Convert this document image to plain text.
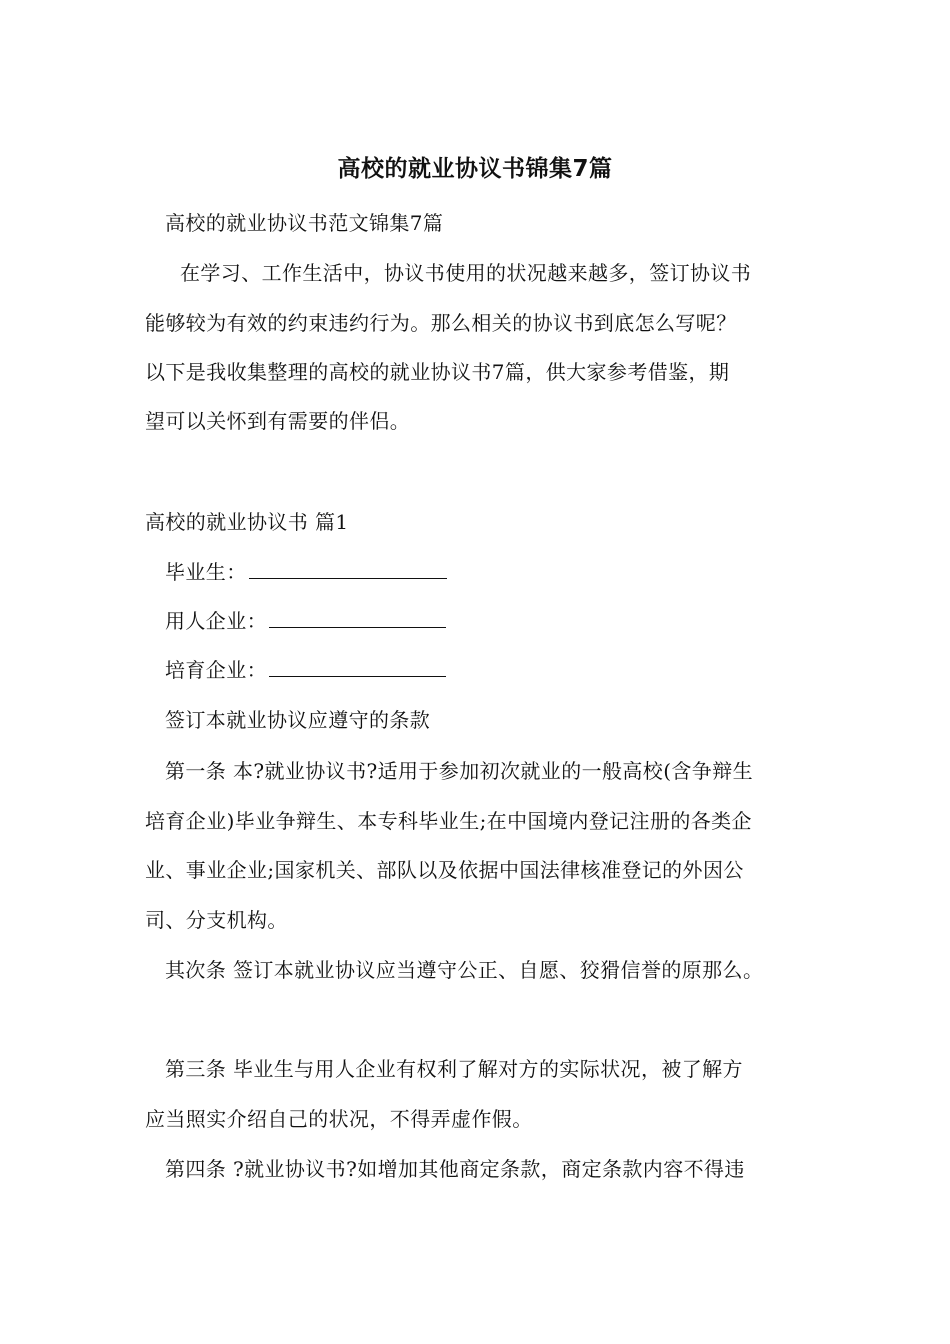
高校的就业协议书锦集7篇
高校的就业协议书范文锦集7篇
在学习、工作生活中，协议书使用的状况越来越多，签订协议书
能够较为有效的约束违约行为。那么相关的协议书到底怎么写呢？
以下是我收集整理的高校的就业协议书7篇，供大家参考借鉴，期
望可以关怀到有需要的伴侣。
高校的就业协议书 篇1
毕业生：
用人企业：
培育企业：
签订本就业协议应遵守的条款
第一条 本?就业协议书?适用于参加初次就业的一般高校(含争辩生
培育企业)毕业争辩生、本专科毕业生;在中国境内登记注册的各类企
业、事业企业;国家机关、部队以及依据中国法律核准登记的外因公
司、分支机构。
其次条 签订本就业协议应当遵守公正、自愿、狡猾信誉的原那么。
第三条 毕业生与用人企业有权利了解对方的实际状况，被了解方
应当照实介绍自己的状况，不得弄虚作假。
第四条 ?就业协议书?如增加其他商定条款，商定条款内容不得违
